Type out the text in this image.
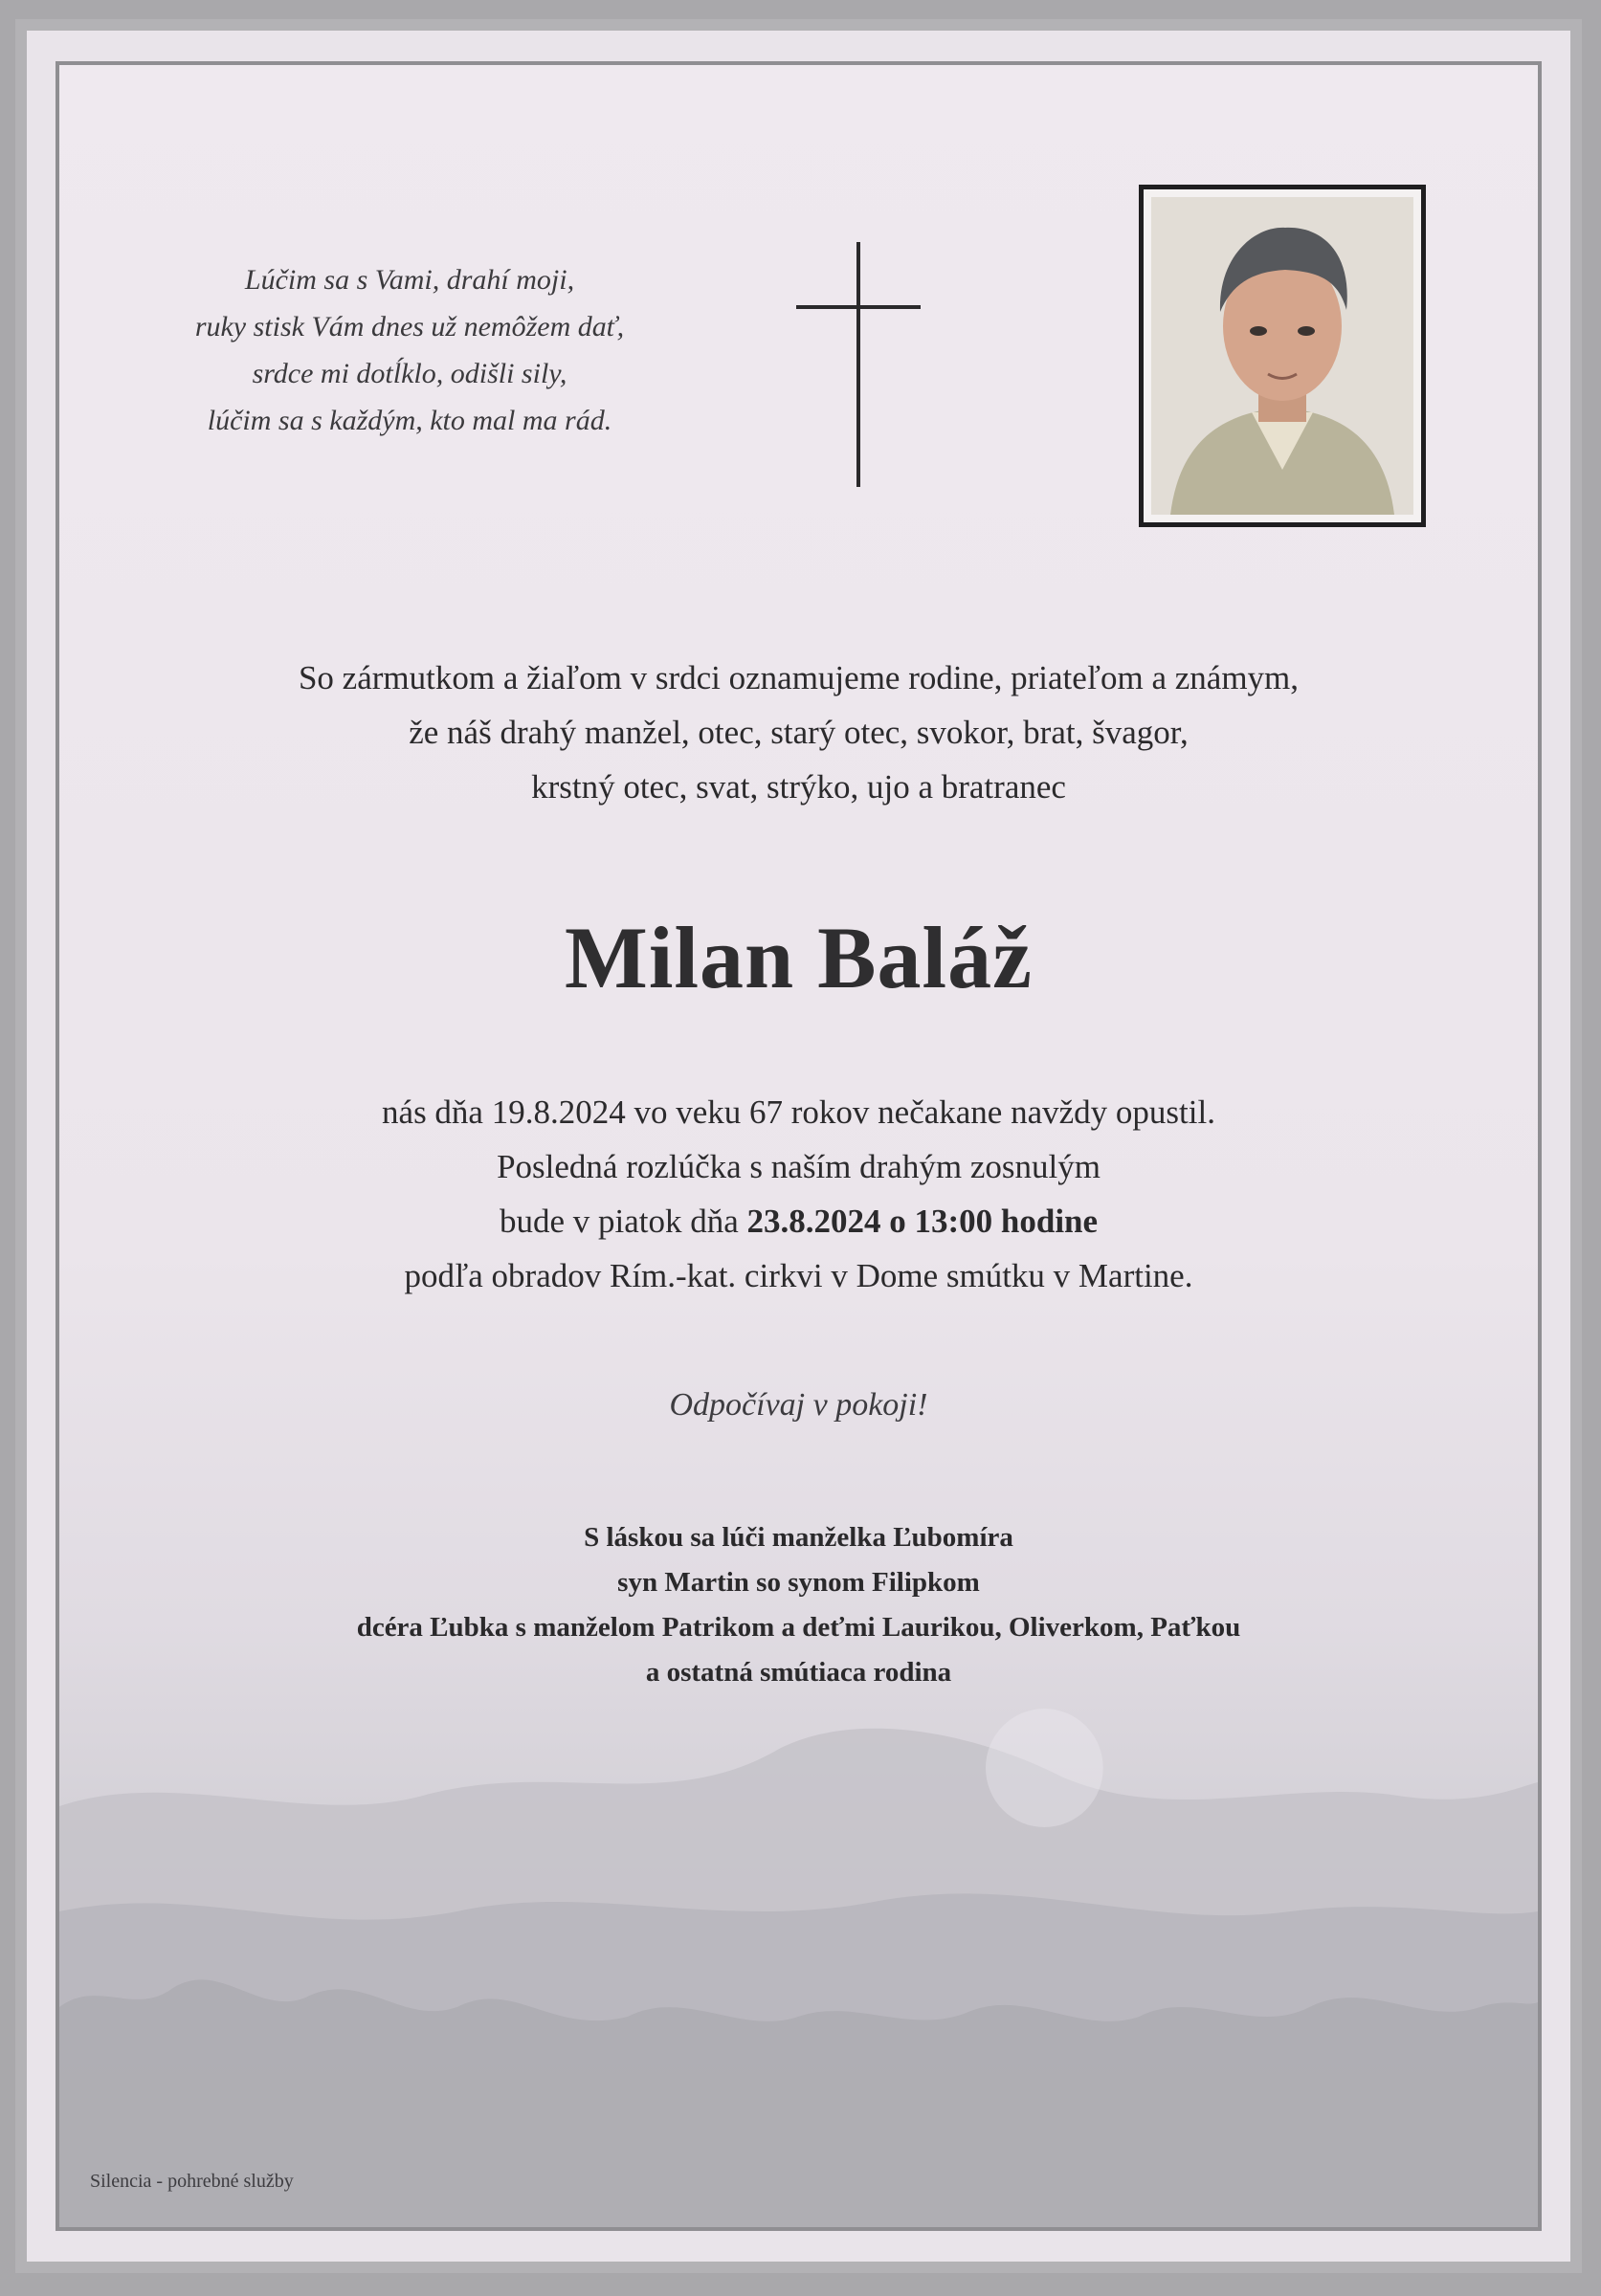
Lúčim sa s Vami, drahí moji,
ruky stisk Vám dnes už nemôžem dať,
srdce mi dotĺklo, odišli sily,
lúčim sa s každým, kto mal ma rád.
So zármutkom a žiaľom v srdci oznamujeme rodine, priateľom a známym,
že náš drahý manžel, otec, starý otec, svokor, brat, švagor,
krstný otec, svat, strýko, ujo a bratranec
Milan Baláž
nás dňa 19.8.2024 vo veku 67 rokov nečakane navždy opustil.
Posledná rozlúčka s naším drahým zosnulým
bude v piatok dňa 23.8.2024 o 13:00 hodine
podľa obradov Rím.-kat. cirkvi v Dome smútku v Martine.
Odpočívaj v pokoji!
S láskou sa lúči manželka Ľubomíra
syn Martin so synom Filipkom
dcéra Ľubka s manželom Patrikom a deťmi Laurikou, Oliverkom, Paťkou
a ostatná smútiaca rodina
Silencia - pohrebné služby
